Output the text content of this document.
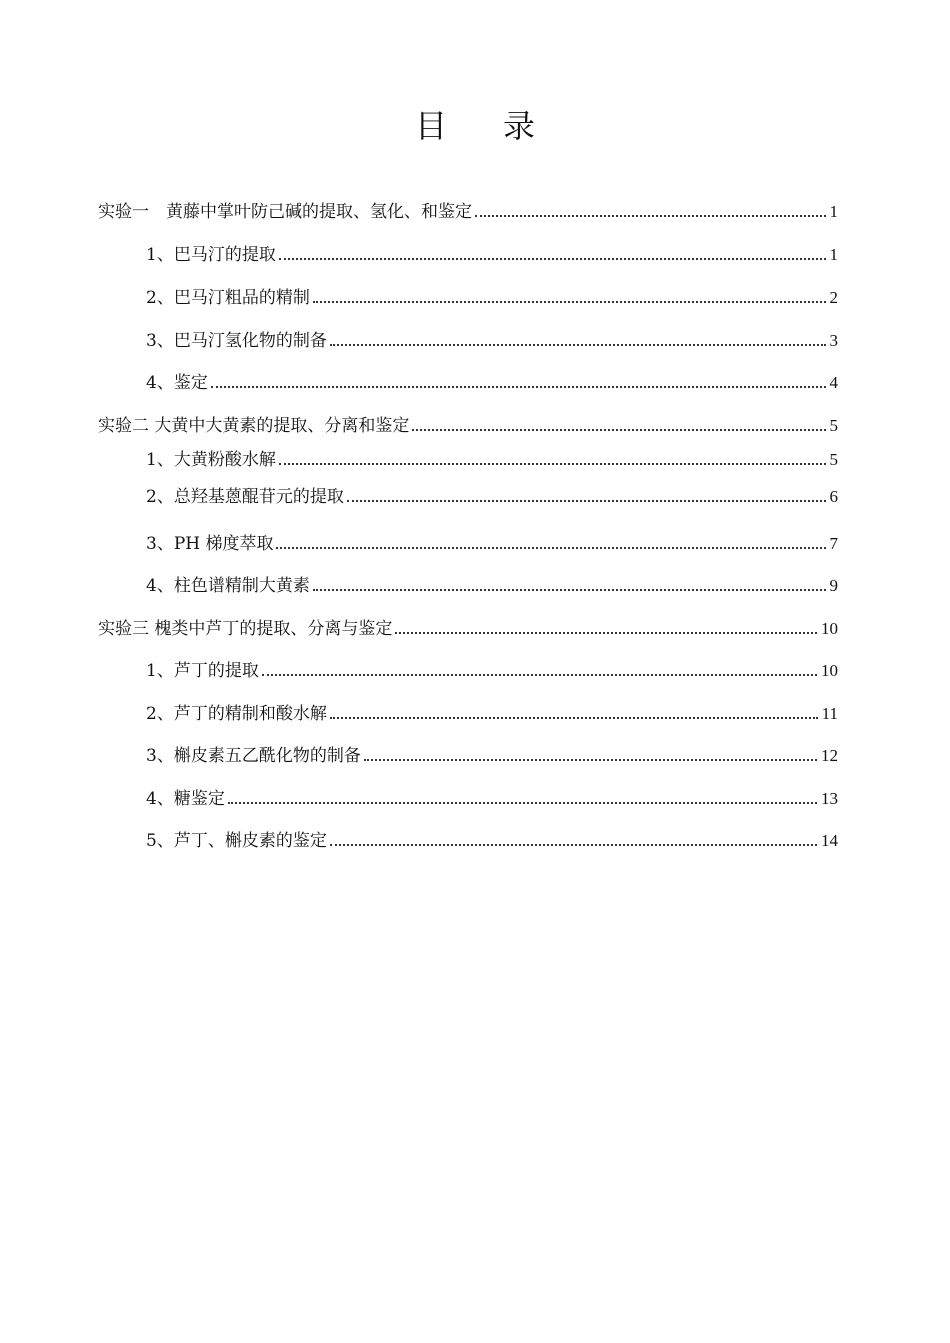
目 录
实验一　黄藤中掌叶防己碱的提取、氢化、和鉴定	1
1、巴马汀的提取	1
2、巴马汀粗品的精制	2
3、巴马汀氢化物的制备	3
4、鉴定	4
实验二 大黄中大黄素的提取、分离和鉴定	5
1、大黄粉酸水解	5
2、总羟基蒽醌苷元的提取	6
3、PH 梯度萃取	7
4、柱色谱精制大黄素	9
实验三 槐类中芦丁的提取、分离与鉴定	10
1、芦丁的提取	10
2、芦丁的精制和酸水解	11
3、槲皮素五乙酰化物的制备	12
4、糖鉴定	13
5、芦丁、槲皮素的鉴定	14
